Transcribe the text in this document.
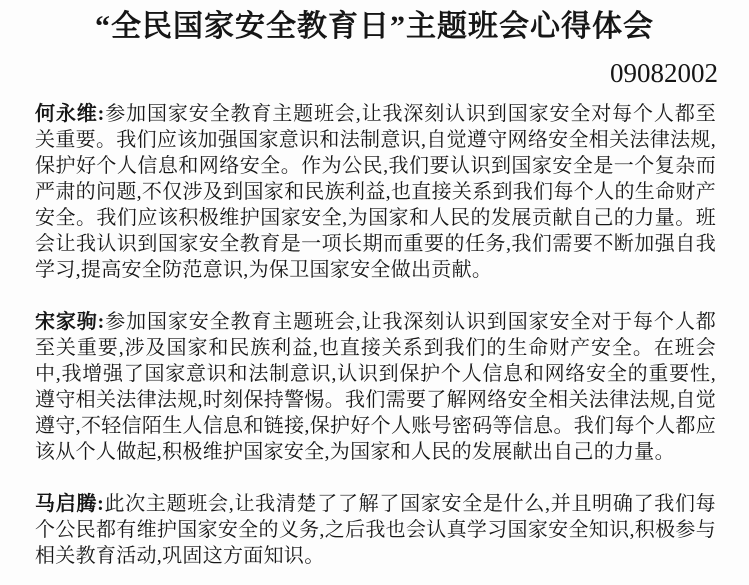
“全民国家安全教育日”主题班会心得体会
09082002

何永维:参加国家安全教育主题班会,让我深刻认识到国家安全对每个人都至关重要。我们应该加强国家意识和法制意识,自觉遵守网络安全相关法律法规,保护好个人信息和网络安全。作为公民,我们要认识到国家安全是一个复杂而严肃的问题,不仅涉及到国家和民族利益,也直接关系到我们每个人的生命财产安全。我们应该积极维护国家安全,为国家和人民的发展贡献自己的力量。班会让我认识到国家安全教育是一项长期而重要的任务,我们需要不断加强自我学习,提高安全防范意识,为保卫国家安全做出贡献。

宋家驹:参加国家安全教育主题班会,让我深刻认识到国家安全对于每个人都至关重要,涉及国家和民族利益,也直接关系到我们的生命财产安全。在班会中,我增强了国家意识和法制意识,认识到保护个人信息和网络安全的重要性,遵守相关法律法规,时刻保持警惕。我们需要了解网络安全相关法律法规,自觉遵守,不轻信陌生人信息和链接,保护好个人账号密码等信息。我们每个人都应该从个人做起,积极维护国家安全,为国家和人民的发展献出自己的力量。

马启腾:此次主题班会,让我清楚了了解了国家安全是什么,并且明确了我们每个公民都有维护国家安全的义务,之后我也会认真学习国家安全知识,积极参与相关教育活动,巩固这方面知识。
